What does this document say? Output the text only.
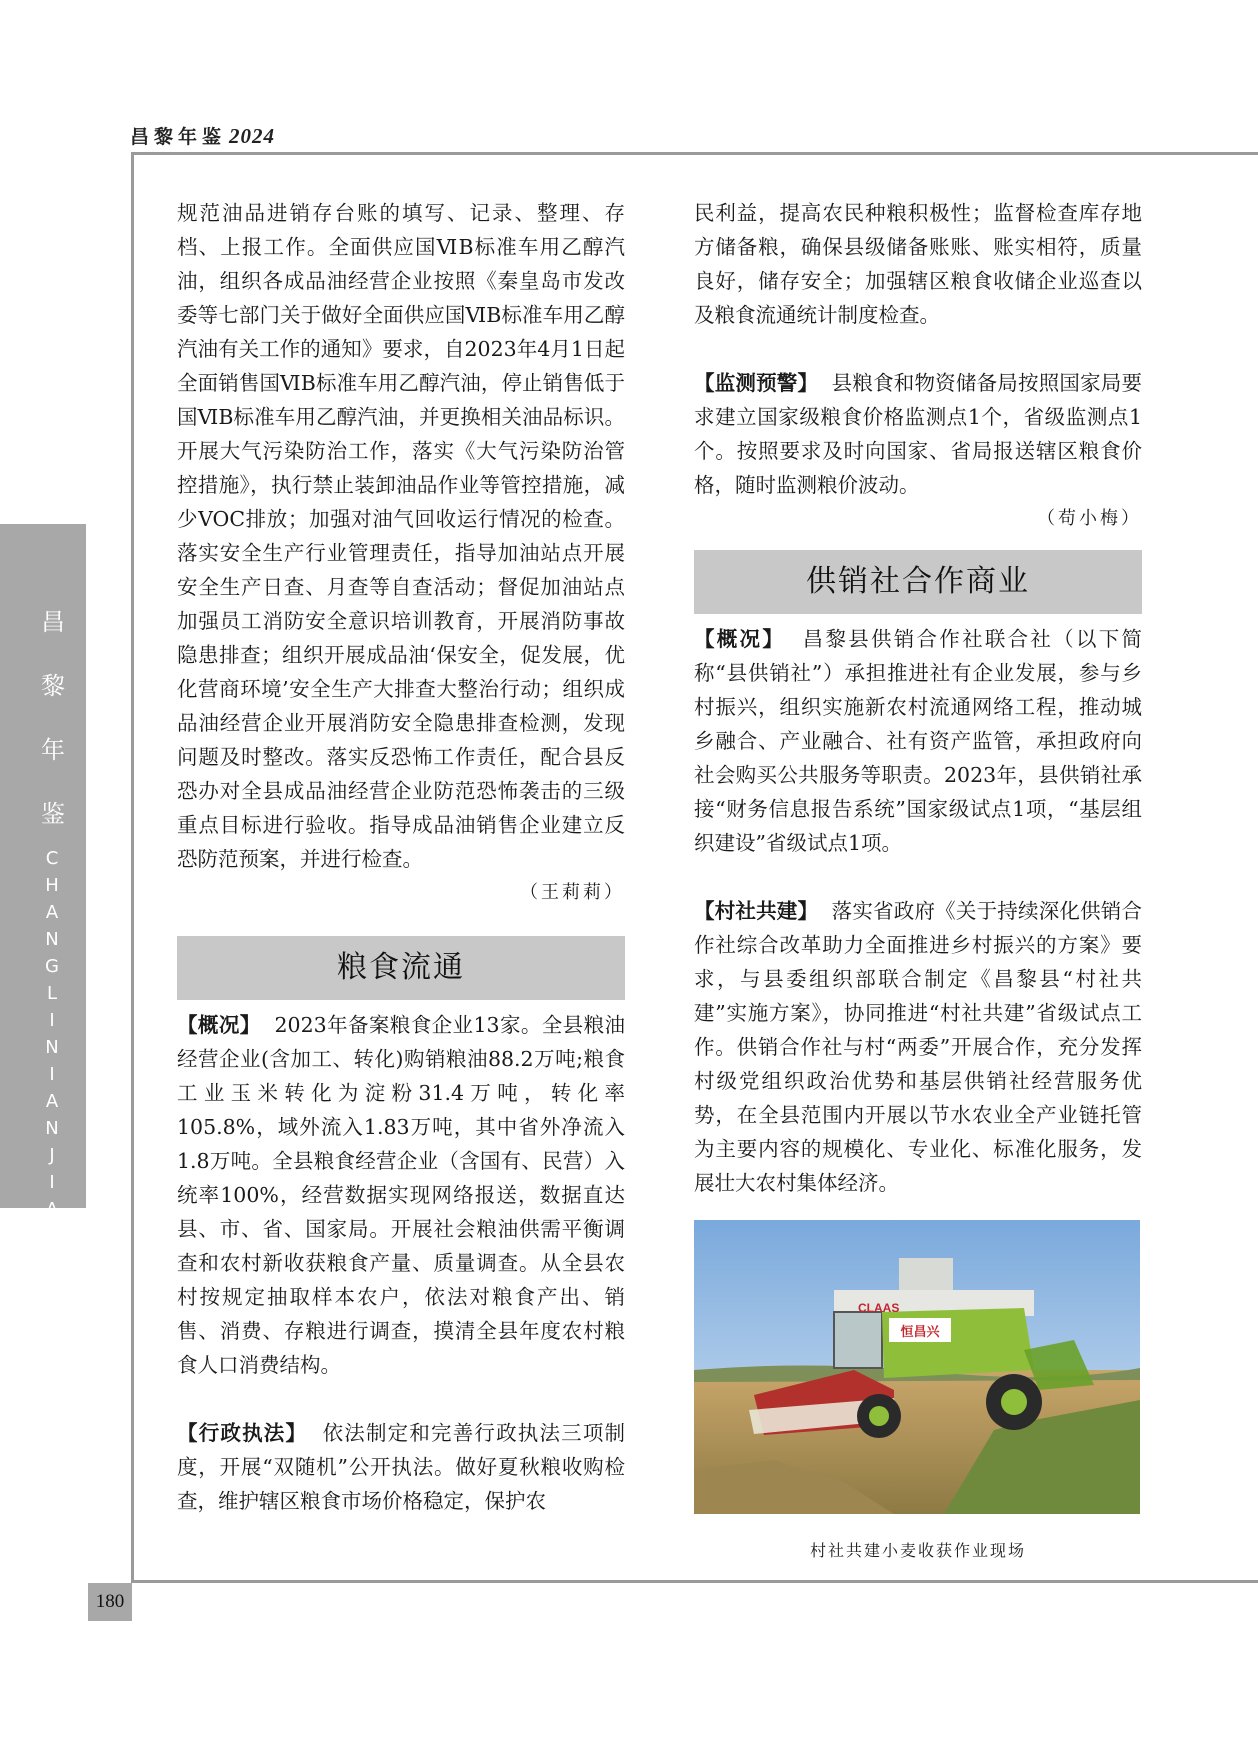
昌黎年鉴 2024
昌
黎
年
鉴
C
H
A
N
G
L
I
N
I
A
N
J
I
A
N
180

规范油品进销存台账的填写、记录、整理、存档、上报工作。全面供应国ⅥB标准车用乙醇汽油，组织各成品油经营企业按照《秦皇岛市发改委等七部门关于做好全面供应国ⅥB标准车用乙醇汽油有关工作的通知》要求，自2023年4月1日起全面销售国ⅥB标准车用乙醇汽油，停止销售低于国ⅥB标准车用乙醇汽油，并更换相关油品标识。开展大气污染防治工作，落实《大气污染防治管控措施》，执行禁止装卸油品作业等管控措施，减少VOC排放；加强对油气回收运行情况的检查。落实安全生产行业管理责任，指导加油站点开展安全生产日查、月查等自查活动；督促加油站点加强员工消防安全意识培训教育，开展消防事故隐患排查；组织开展成品油‘保安全，促发展，优化营商环境’安全生产大排查大整治行动；组织成品油经营企业开展消防安全隐患排查检测，发现问题及时整改。落实反恐怖工作责任，配合县反恐办对全县成品油经营企业防范恐怖袭击的三级重点目标进行验收。指导成品油销售企业建立反恐防范预案，并进行检查。

（王莉莉）

粮食流通

【概况】 2023年备案粮食企业13家。全县粮油经营企业(含加工、转化)购销粮油88.2万吨;粮食工业玉米转化为淀粉31.4万吨，转化率105.8%，域外流入1.83万吨，其中省外净流入1.8万吨。全县粮食经营企业（含国有、民营）入统率100%，经营数据实现网络报送，数据直达县、市、省、国家局。开展社会粮油供需平衡调查和农村新收获粮食产量、质量调查。从全县农村按规定抽取样本农户，依法对粮食产出、销售、消费、存粮进行调查，摸清全县年度农村粮食人口消费结构。

【行政执法】 依法制定和完善行政执法三项制度，开展“双随机”公开执法。做好夏秋粮收购检查，维护辖区粮食市场价格稳定，保护农

民利益，提高农民种粮积极性；监督检查库存地方储备粮，确保县级储备账账、账实相符，质量良好，储存安全；加强辖区粮食收储企业巡查以及粮食流通统计制度检查。

【监测预警】 县粮食和物资储备局按照国家局要求建立国家级粮食价格监测点1个，省级监测点1个。按照要求及时向国家、省局报送辖区粮食价格，随时监测粮价波动。

（苟小梅）

供销社合作商业

【概况】 昌黎县供销合作社联合社（以下简称“县供销社”）承担推进社有企业发展，参与乡村振兴，组织实施新农村流通网络工程，推动城乡融合、产业融合、社有资产监管，承担政府向社会购买公共服务等职责。2023年，县供销社承接“财务信息报告系统”国家级试点1项，“基层组织建设”省级试点1项。

【村社共建】 落实省政府《关于持续深化供销合作社综合改革助力全面推进乡村振兴的方案》要求，与县委组织部联合制定《昌黎县“村社共建”实施方案》，协同推进“村社共建”省级试点工作。供销合作社与村“两委”开展合作，充分发挥村级党组织政治优势和基层供销社经营服务优势，在全县范围内开展以节水农业全产业链托管为主要内容的规模化、专业化、标准化服务，发展壮大农村集体经济。

恒昌兴
CLAAS
村社共建小麦收获作业现场
